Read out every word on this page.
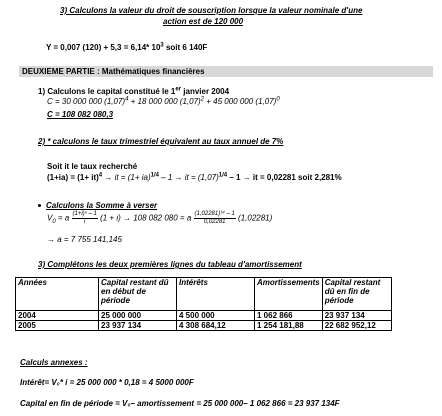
3) Calculons la valeur du droit de souscription lorsque la valeur nominale d'une
action est de 120 000
Y = 0,007 (120) + 5,3 = 6,14* $10^3$ soit 6 140F
DEUXIEME PARTIE : Mathématiques financières
1) Calculons le capital constitué le 1er janvier 2004
C = 30 000 000 $(1,07)^4 + 18$ 000 000 $(1,07)^2 + 45$ 000 000 $(1,07)^0$
C = 108 082 080,3
2) * calculons le taux trimestriel équivalent au taux annuel de 7%
Soit it le taux recherché
(1+ia) = (1+ it)$^4$ → it = (1+ ia)$^{1/4}$ – 1 → it = $(1,07)^{1/4} - 1$ → it = 0,02281 soit 2,281%
Calculons la Somme à verser
$V_0 = a \frac{\text{(1+i)ⁿ – 1}}{i} (1 + i) \to 108$ 082 080 = a $\frac{\text{(1,02281)¹⁴ – 1}}{0,02281} (1,02281)$
→ a = 7 755 141,145
3) Complétons les deux premières lignes du tableau d'amortissement
Années	Capital restant dû en début de période	Intérêts	Amortissements	Capital restant dû en fin de période
2004	25 000 000	4 500 000	1 062 866	23 937 134
2005	23 937 134	4 308 684,12	1 254 181,88	22 682 952,12
Calculs annexes :
Intérêt= V₀* i = 25 000 000 * 0,18 = 4 5000 000F
Capital en fin de période = V₀– amortissement = 25 000 000– 1 062 866 = 23 937 134F
